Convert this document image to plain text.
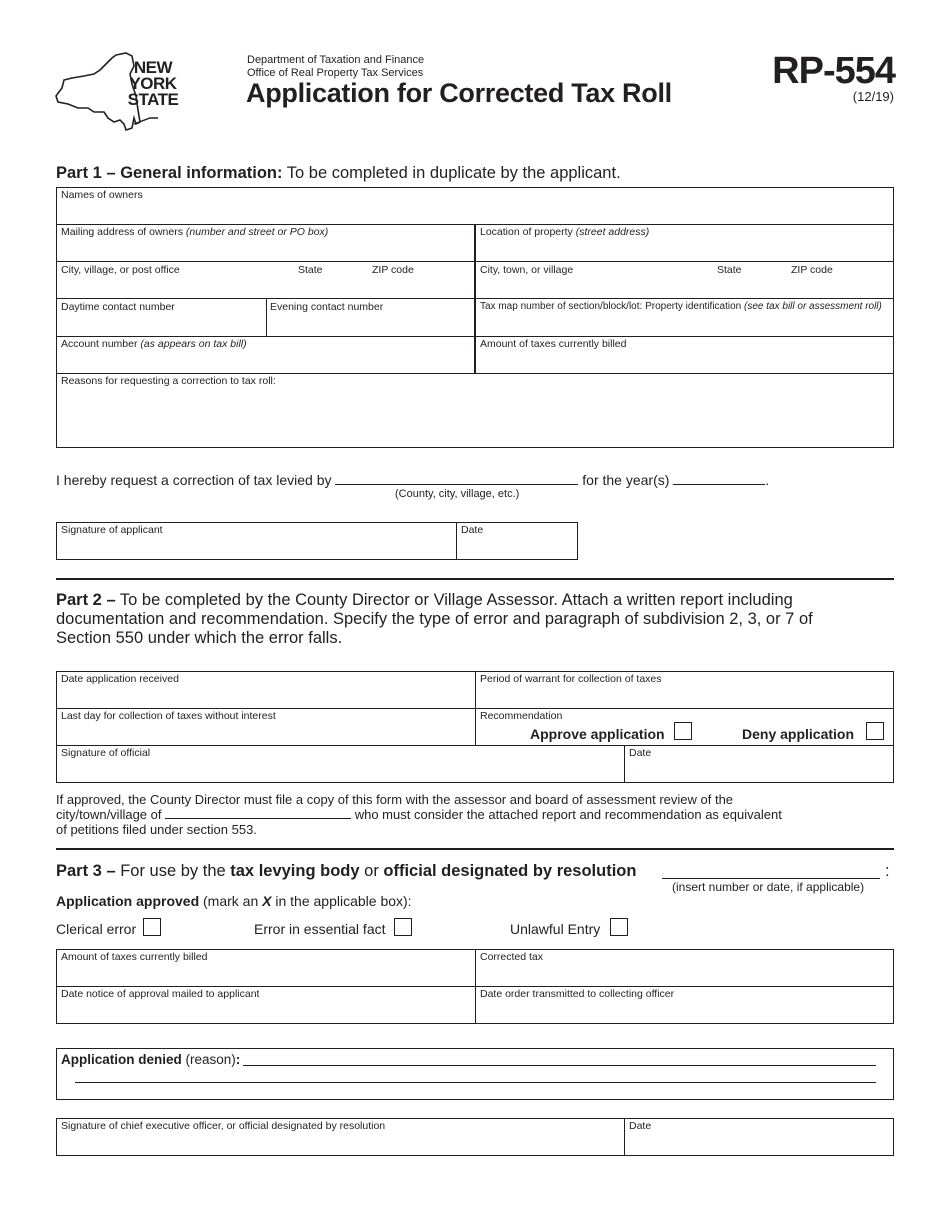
NEW
YORK
STATE
Department of Taxation and Finance
Office of Real Property Tax Services
Application for Corrected Tax Roll
RP-554
(12/19)
Part 1 – General information: To be completed in duplicate by the applicant.
Names of owners
Mailing address of owners (number and street or PO box)	Location of property (street address)
City, village, or post office	State	ZIP code	City, town, or village	State	ZIP code
Daytime contact number	Evening contact number	Tax map number of section/block/lot: Property identification (see tax bill or assessment roll)
Account number (as appears on tax bill)	Amount of taxes currently billed
Reasons for requesting a correction to tax roll:
I hereby request a correction of tax levied by	for the year(s)	.
(County, city, village, etc.)
Signature of applicant	Date
Part 2 – To be completed by the County Director or Village Assessor. Attach a written report including
documentation and recommendation. Specify the type of error and paragraph of subdivision 2, 3, or 7 of
Section 550 under which the error falls.
Date application received	Period of warrant for collection of taxes
Last day for collection of taxes without interest	Recommendation
Approve application	Deny application
Signature of official	Date
If approved, the County Director must file a copy of this form with the assessor and board of assessment review of the
city/town/village of	who must consider the attached report and recommendation as equivalent
of petitions filed under section 553.
Part 3 – For use by the tax levying body or official designated by resolution	:
(insert number or date, if applicable)
Application approved (mark an X in the applicable box):
Clerical error	Error in essential fact	Unlawful Entry
Amount of taxes currently billed	Corrected tax
Date notice of approval mailed to applicant	Date order transmitted to collecting officer
Application denied (reason):
Signature of chief executive officer, or official designated by resolution	Date
